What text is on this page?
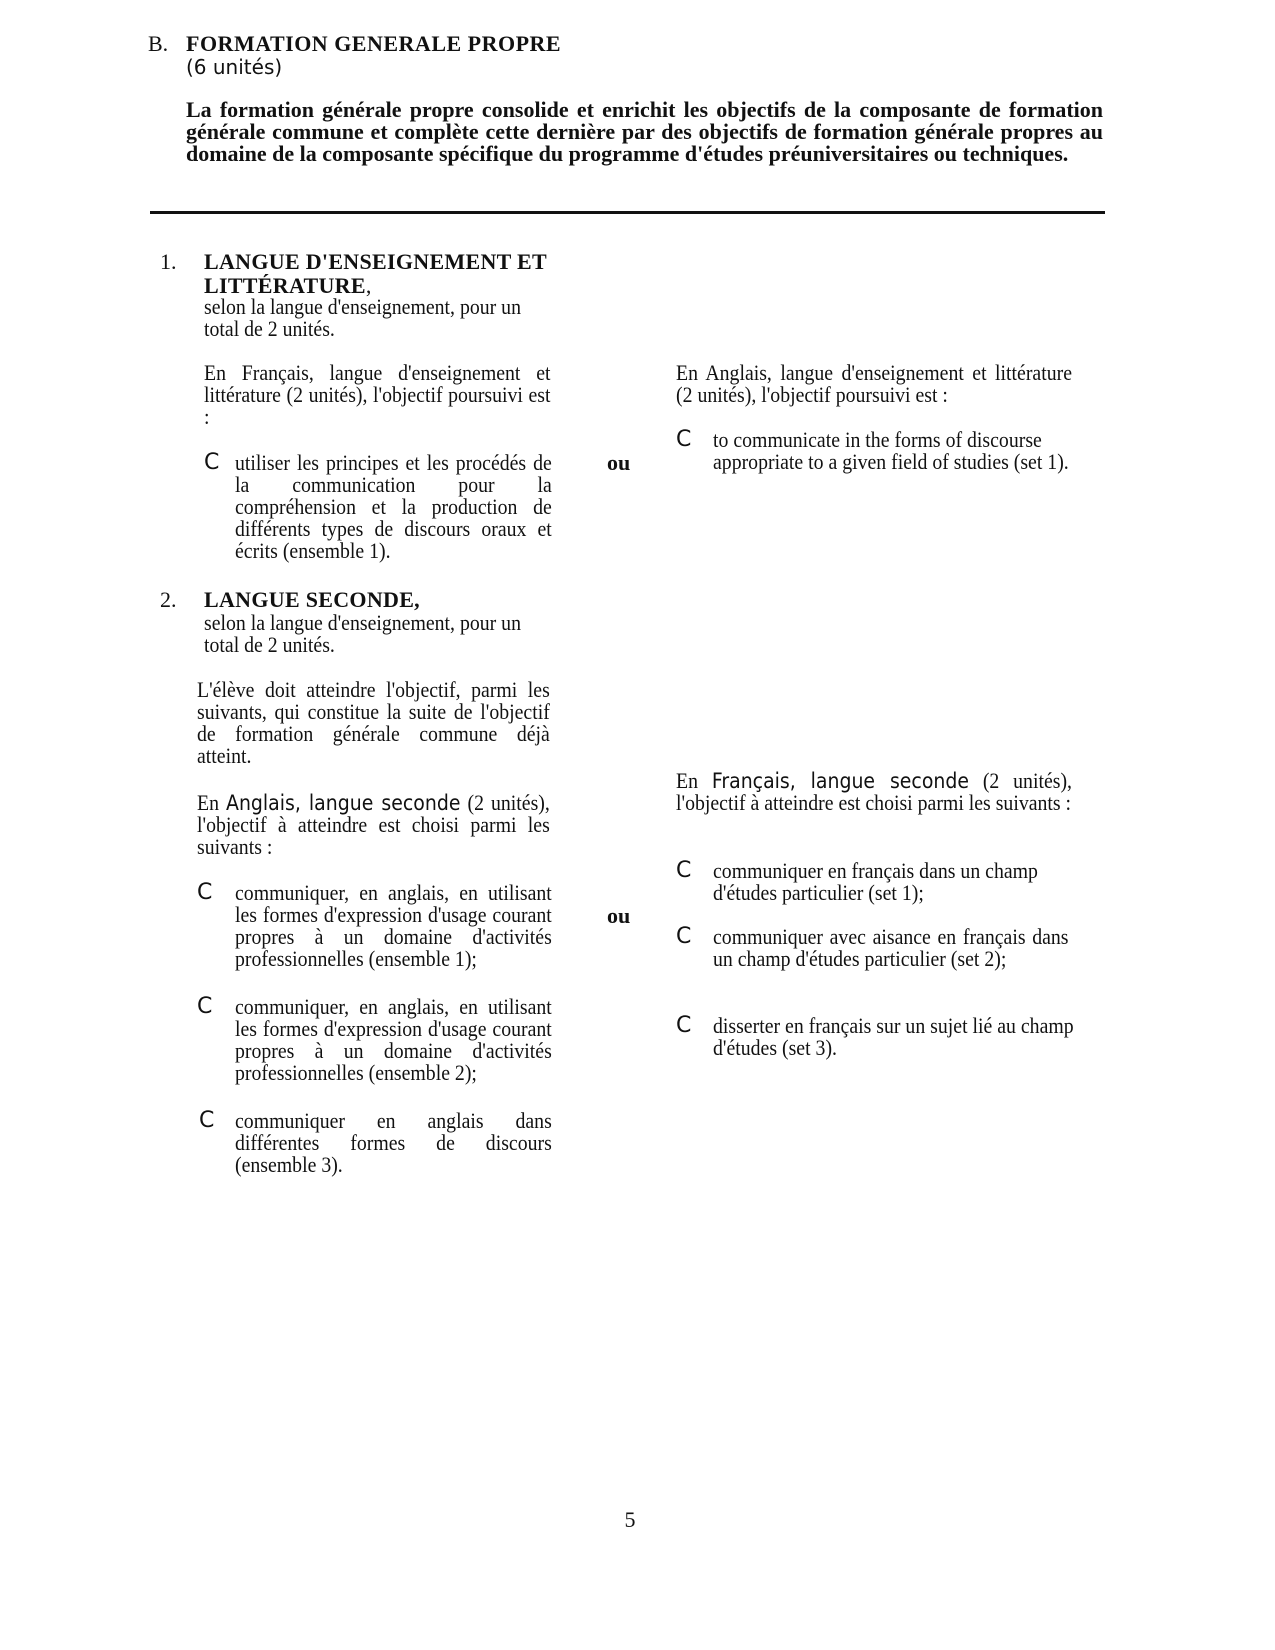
B. FORMATION GENERALE PROPRE
(6 unités)
La formation générale propre consolide et enrichit les objectifs de la composante de formation générale commune et complète cette dernière par des objectifs de formation générale propres au domaine de la composante spécifique du programme d'études préuniversitaires ou techniques.
1. LANGUE D'ENSEIGNEMENT ET
LITTÉRATURE,
selon la langue d'enseignement, pour un total de 2 unités.
En Français, langue d'enseignement et littérature (2 unités), l'objectif poursuivi est :
C utiliser les principes et les procédés de la communication pour la compréhension et la production de différents types de discours oraux et écrits (ensemble 1).
ou
En Anglais, langue d'enseignement et littérature (2 unités), l'objectif poursuivi est :
C to communicate in the forms of discourse appropriate to a given field of studies (set 1).
2. LANGUE SECONDE,
selon la langue d'enseignement, pour un total de 2 unités.
L'élève doit atteindre l'objectif, parmi les suivants, qui constitue la suite de l'objectif de formation générale commune déjà atteint.
En Anglais, langue seconde (2 unités), l'objectif à atteindre est choisi parmi les suivants :
C communiquer, en anglais, en utilisant les formes d'expression d'usage courant propres à un domaine d'activités professionnelles (ensemble 1);
C communiquer, en anglais, en utilisant les formes d'expression d'usage courant propres à un domaine d'activités professionnelles (ensemble 2);
C communiquer en anglais dans différentes formes de discours (ensemble 3).
ou
En Français, langue seconde (2 unités), l'objectif à atteindre est choisi parmi les suivants :
C communiquer en français dans un champ d'études particulier (set 1);
C communiquer avec aisance en français dans un champ d'études particulier (set 2);
C disserter en français sur un sujet lié au champ d'études (set 3).
5
